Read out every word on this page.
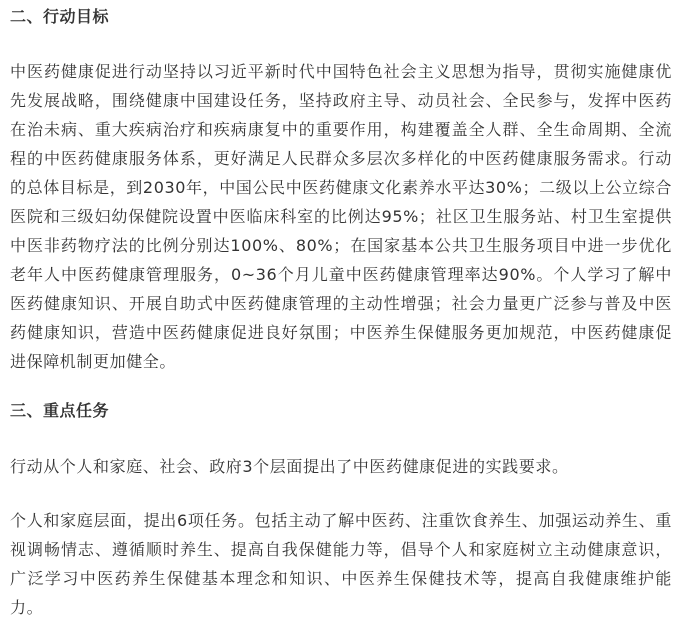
二、行动目标

中医药健康促进行动坚持以习近平新时代中国特色社会主义思想为指导，贯彻实施健康优先发展战略，围绕健康中国建设任务，坚持政府主导、动员社会、全民参与，发挥中医药在治未病、重大疾病治疗和疾病康复中的重要作用，构建覆盖全人群、全生命周期、全流程的中医药健康服务体系，更好满足人民群众多层次多样化的中医药健康服务需求。行动的总体目标是，到2030年，中国公民中医药健康文化素养水平达30%；二级以上公立综合医院和三级妇幼保健院设置中医临床科室的比例达95%；社区卫生服务站、村卫生室提供中医非药物疗法的比例分别达100%、80%；在国家基本公共卫生服务项目中进一步优化老年人中医药健康管理服务，0~36个月儿童中医药健康管理率达90%。个人学习了解中医药健康知识、开展自助式中医药健康管理的主动性增强；社会力量更广泛参与普及中医药健康知识，营造中医药健康促进良好氛围；中医养生保健服务更加规范，中医药健康促进保障机制更加健全。

三、重点任务

行动从个人和家庭、社会、政府3个层面提出了中医药健康促进的实践要求。

个人和家庭层面，提出6项任务。包括主动了解中医药、注重饮食养生、加强运动养生、重视调畅情志、遵循顺时养生、提高自我保健能力等，倡导个人和家庭树立主动健康意识，广泛学习中医药养生保健基本理念和知识、中医养生保健技术等，提高自我健康维护能力。
